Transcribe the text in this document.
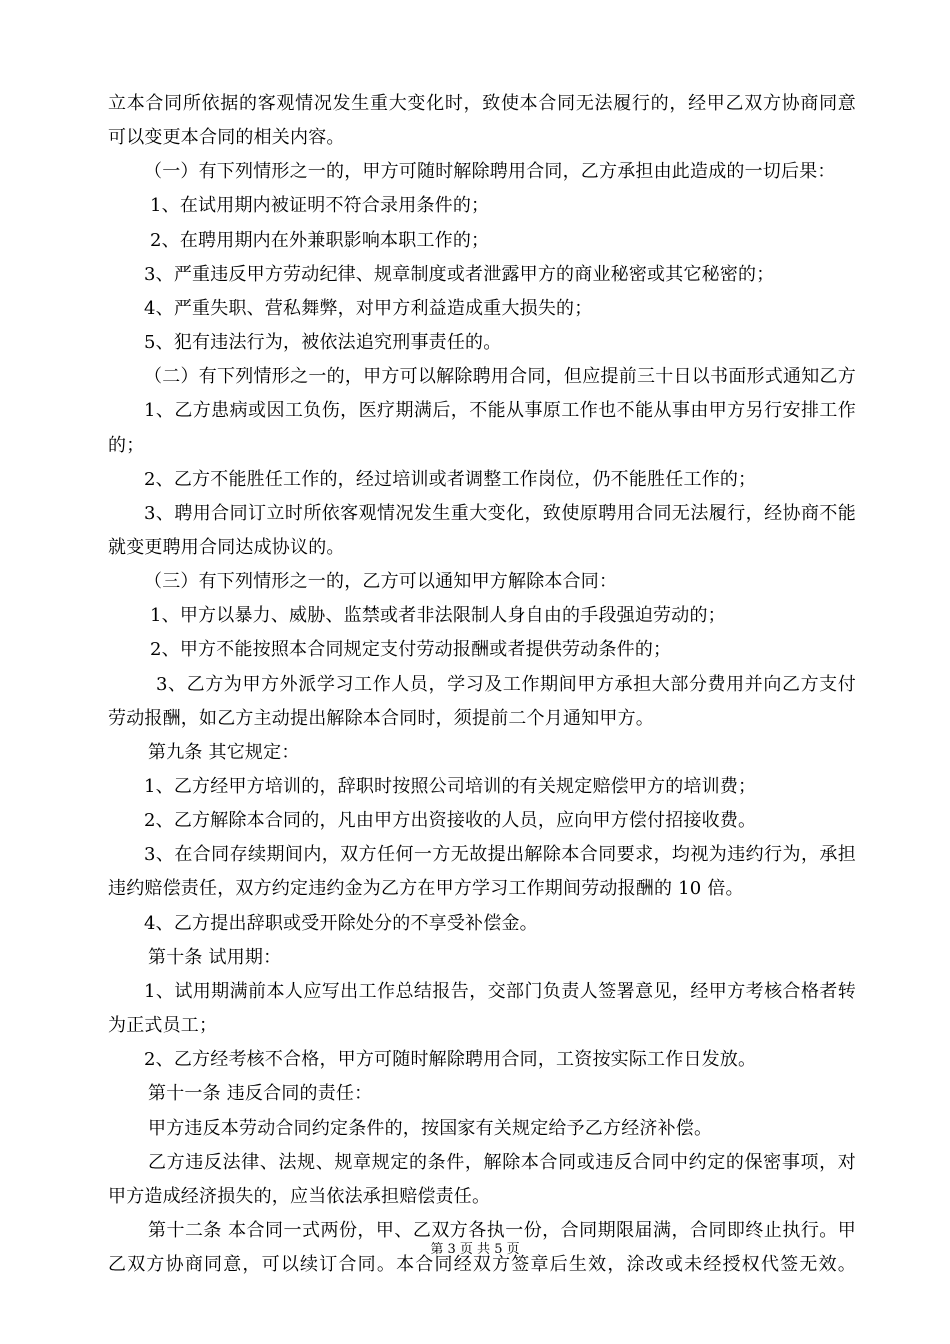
立本合同所依据的客观情况发生重大变化时，致使本合同无法履行的，经甲乙双方协商同意
可以变更本合同的相关内容。
（一）有下列情形之一的，甲方可随时解除聘用合同，乙方承担由此造成的一切后果：
1、在试用期内被证明不符合录用条件的；
2、在聘用期内在外兼职影响本职工作的；
3、严重违反甲方劳动纪律、规章制度或者泄露甲方的商业秘密或其它秘密的；
4、严重失职、营私舞弊，对甲方利益造成重大损失的；
5、犯有违法行为，被依法追究刑事责任的。
（二）有下列情形之一的，甲方可以解除聘用合同，但应提前三十日以书面形式通知乙方
1、乙方患病或因工负伤，医疗期满后，不能从事原工作也不能从事由甲方另行安排工作
的；
2、乙方不能胜任工作的，经过培训或者调整工作岗位，仍不能胜任工作的；
3、聘用合同订立时所依客观情况发生重大变化，致使原聘用合同无法履行，经协商不能
就变更聘用合同达成协议的。
（三）有下列情形之一的，乙方可以通知甲方解除本合同：
1、甲方以暴力、威胁、监禁或者非法限制人身自由的手段强迫劳动的；
2、甲方不能按照本合同规定支付劳动报酬或者提供劳动条件的；
3、乙方为甲方外派学习工作人员，学习及工作期间甲方承担大部分费用并向乙方支付
劳动报酬，如乙方主动提出解除本合同时，须提前二个月通知甲方。
第九条 其它规定：
1、乙方经甲方培训的，辞职时按照公司培训的有关规定赔偿甲方的培训费；
2、乙方解除本合同的，凡由甲方出资接收的人员，应向甲方偿付招接收费。
3、在合同存续期间内，双方任何一方无故提出解除本合同要求，均视为违约行为，承担
违约赔偿责任，双方约定违约金为乙方在甲方学习工作期间劳动报酬的 10 倍。
4、乙方提出辞职或受开除处分的不享受补偿金。
第十条 试用期：
1、试用期满前本人应写出工作总结报告，交部门负责人签署意见，经甲方考核合格者转
为正式员工；
2、乙方经考核不合格，甲方可随时解除聘用合同，工资按实际工作日发放。
第十一条 违反合同的责任：
甲方违反本劳动合同约定条件的，按国家有关规定给予乙方经济补偿。
乙方违反法律、法规、规章规定的条件，解除本合同或违反合同中约定的保密事项，对
甲方造成经济损失的，应当依法承担赔偿责任。
第十二条 本合同一式两份，甲、乙双方各执一份，合同期限届满，合同即终止执行。甲
乙双方协商同意，可以续订合同。本合同经双方签章后生效，涂改或未经授权代签无效。
第 3 页 共 5 页
